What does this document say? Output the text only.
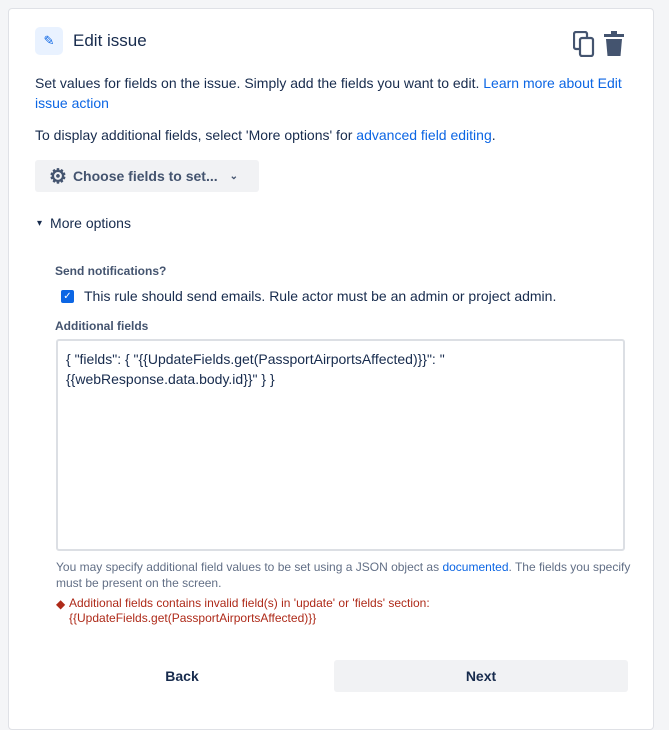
✎	Edit issue

Set values for fields on the issue. Simply add the fields you want to edit. Learn more about Edit issue action

To display additional fields, select 'More options' for advanced field editing.

⚙ Choose fields to set... ⌄
▾ More options
Send notifications?
✓ This rule should send emails. Rule actor must be an admin or project admin.
Additional fields
{ "fields": { "{{UpdateFields.get(PassportAirportsAffected)}}": "{{webResponse.data.body.id}}" } }
You may specify additional field values to be set using a JSON object as documented. The fields you specify must be present on the screen.
◆ Additional fields contains invalid field(s) in 'update' or 'fields' section: {{UpdateFields.get(PassportAirportsAffected)}}
Back	Next
